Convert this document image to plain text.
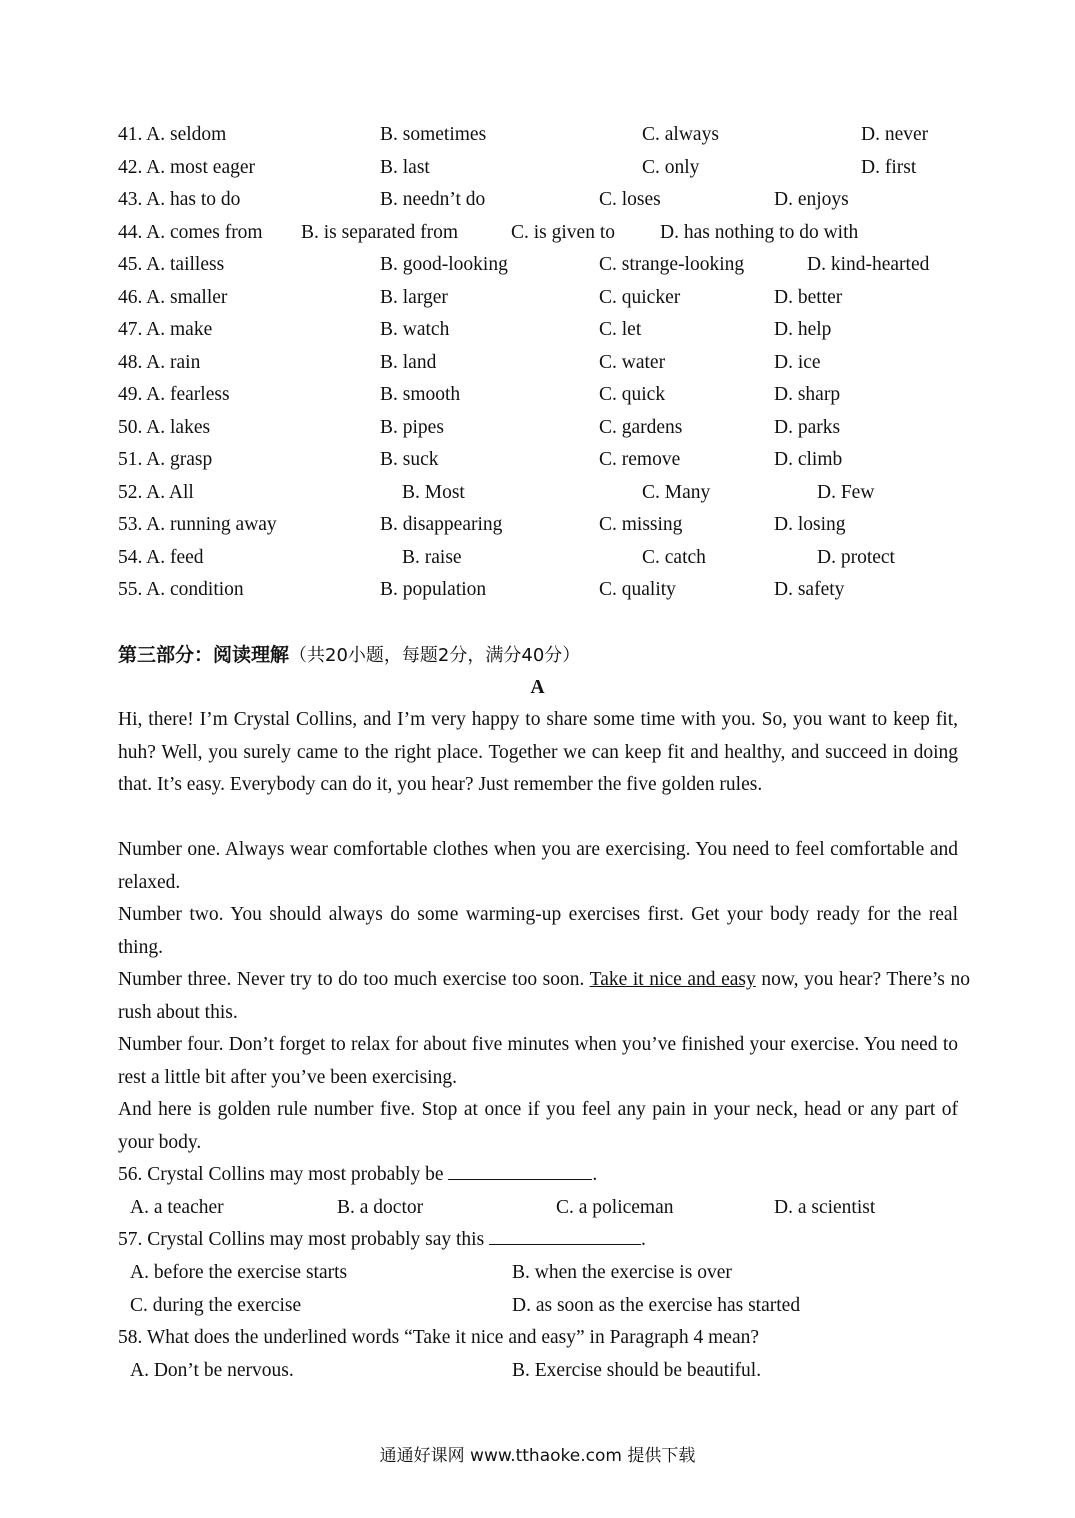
41. A. seldom	B. sometimes	C. always	D. never
42. A. most eager	B. last	C. only	D. first
43. A. has to do	B. needn’t do	C. loses	D. enjoys
44. A. comes from B. is separated from	C. is given to D. has nothing to do with
45. A. tailless	B. good-looking	C. strange-looking	D. kind-hearted
46. A. smaller	B. larger	C. quicker	D. better
47. A. make	B. watch	C. let	D. help
48. A. rain	B. land	C. water	D. ice
49. A. fearless	B. smooth	C. quick	D. sharp
50. A. lakes	B. pipes	C. gardens	D. parks
51. A. grasp	B. suck	C. remove	D. climb
52. A. All	B. Most	C. Many	D. Few
53. A. running away	B. disappearing	C. missing	D. losing
54. A. feed	B. raise	C. catch	D. protect
55. A. condition	B. population	C. quality	D. safety
第三部分：阅读理解（共20小题，每题2分，满分40分）
A
Hi, there! I’m Crystal Collins, and I’m very happy to share some time with you. So, you want to keep fit, huh? Well, you surely came to the right place. Together we can keep fit and healthy, and succeed in doing that. It’s easy. Everybody can do it, you hear? Just remember the five golden rules.
Number one. Always wear comfortable clothes when you are exercising. You need to feel comfortable and relaxed.
Number two. You should always do some warming-up exercises first. Get your body ready for the real thing.
Number three. Never try to do too much exercise too soon. Take it nice and easy now, you hear? There’s no rush about this.
Number four. Don’t forget to relax for about five minutes when you’ve finished your exercise. You need to rest a little bit after you’ve been exercising.
And here is golden rule number five. Stop at once if you feel any pain in your neck, head or any part of your body.
56. Crystal Collins may most probably be	.
A. a teacher	B. a doctor	C. a policeman	D. a scientist
57. Crystal Collins may most probably say this	.
A. before the exercise starts	B. when the exercise is over
C. during the exercise	D. as soon as the exercise has started
58. What does the underlined words “Take it nice and easy” in Paragraph 4 mean?
A. Don’t be nervous.	B. Exercise should be beautiful.
通通好课网 www.tthaoke.com 提供下载
